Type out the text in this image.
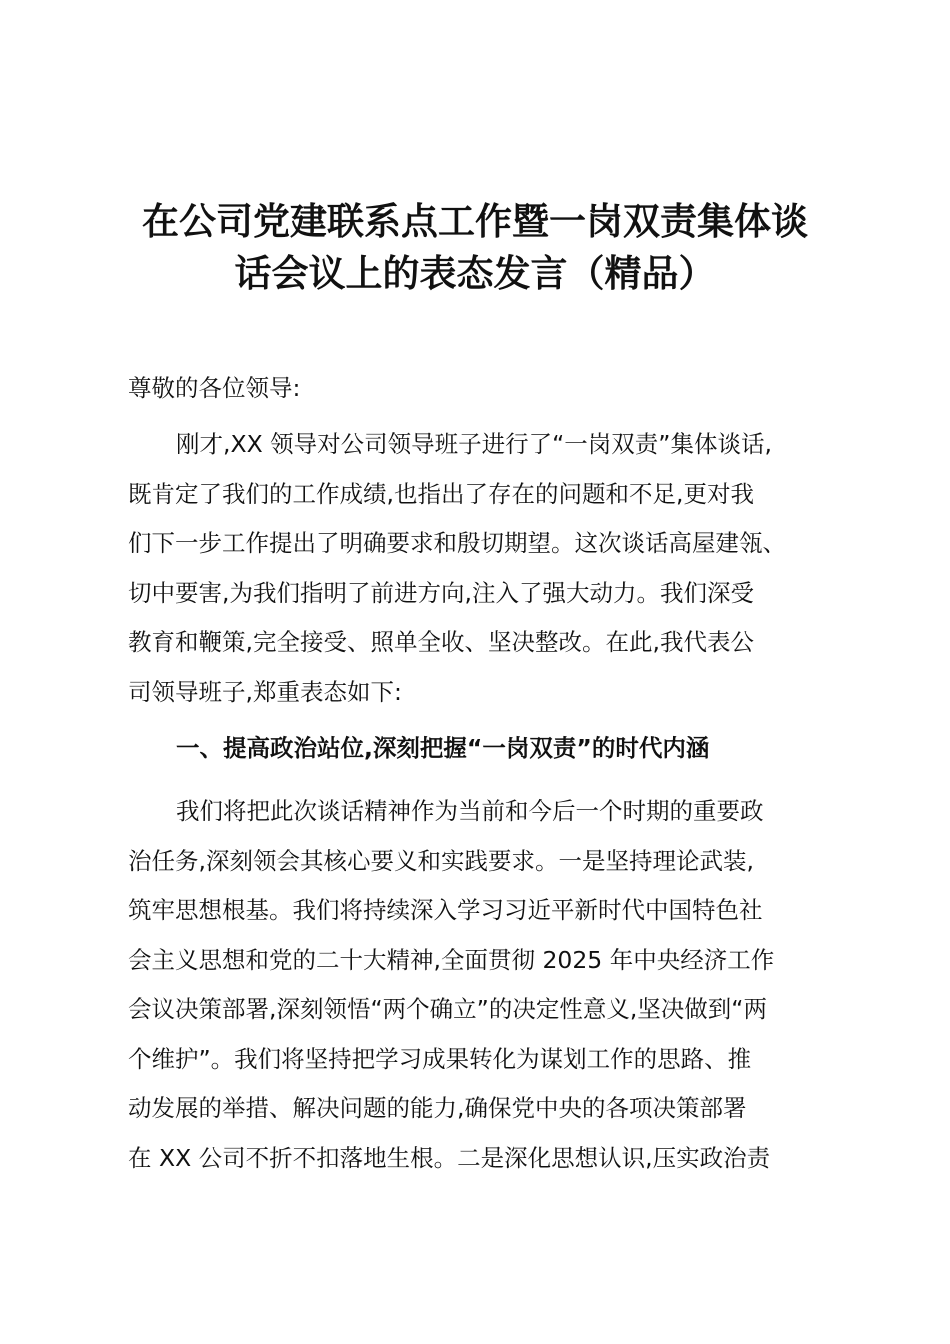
在公司党建联系点工作暨一岗双责集体谈
话会议上的表态发言（精品）

尊敬的各位领导:

刚才,XX 领导对公司领导班子进行了“一岗双责”集体谈话,
既肯定了我们的工作成绩,也指出了存在的问题和不足,更对我
们下一步工作提出了明确要求和殷切期望。这次谈话高屋建瓴、
切中要害,为我们指明了前进方向,注入了强大动力。我们深受
教育和鞭策,完全接受、照单全收、坚决整改。在此,我代表公
司领导班子,郑重表态如下:
一、提高政治站位,深刻把握“一岗双责”的时代内涵
我们将把此次谈话精神作为当前和今后一个时期的重要政
治任务,深刻领会其核心要义和实践要求。一是坚持理论武装,
筑牢思想根基。我们将持续深入学习习近平新时代中国特色社
会主义思想和党的二十大精神,全面贯彻 2025 年中央经济工作
会议决策部署,深刻领悟“两个确立”的决定性意义,坚决做到“两
个维护”。我们将坚持把学习成果转化为谋划工作的思路、推
动发展的举措、解决问题的能力,确保党中央的各项决策部署
在 XX 公司不折不扣落地生根。二是深化思想认识,压实政治责
